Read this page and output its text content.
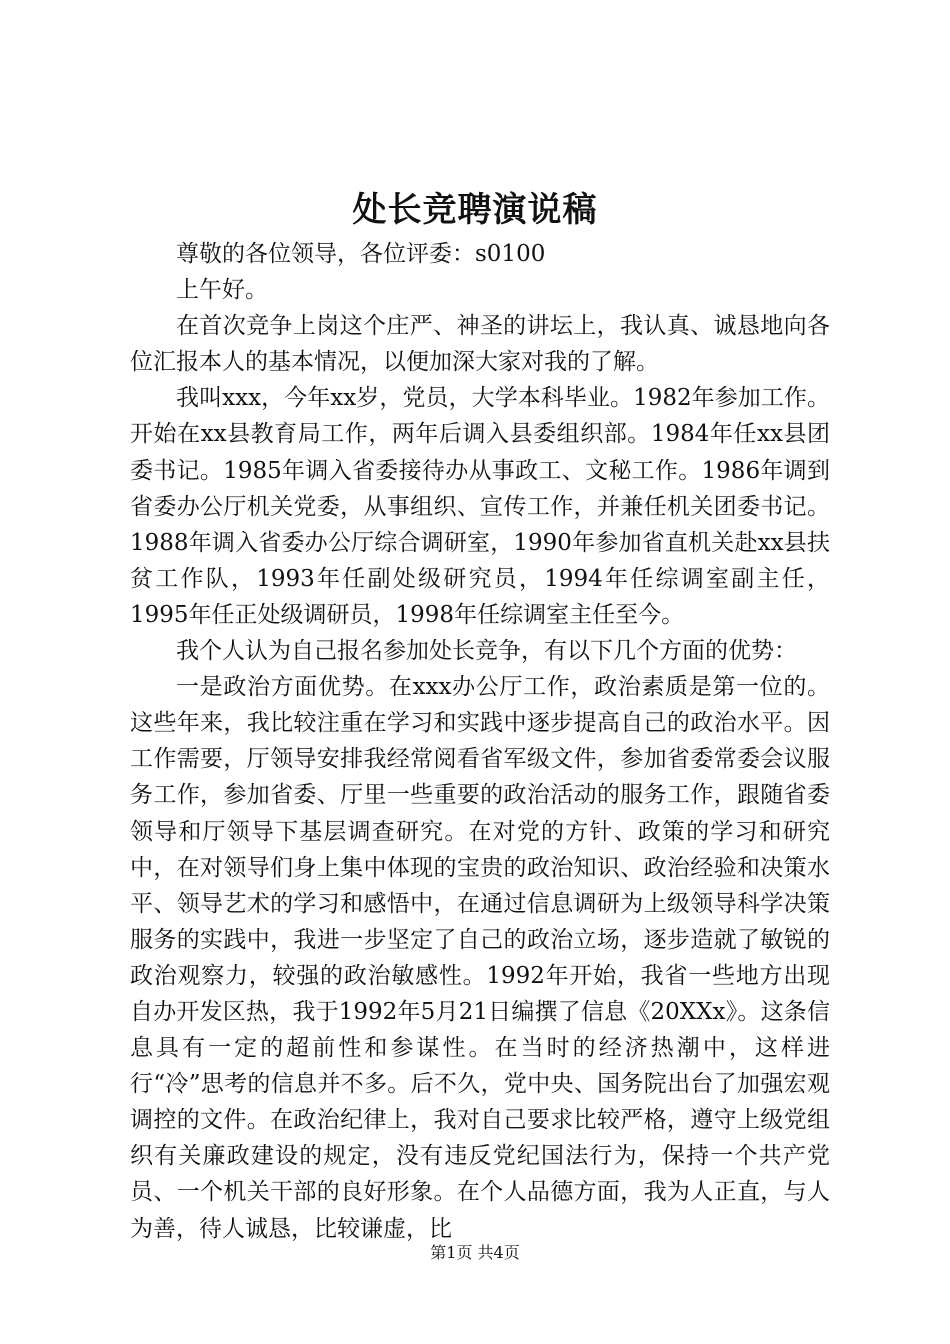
处长竞聘演说稿

尊敬的各位领导，各位评委：s0100

上午好。

在首次竞争上岗这个庄严、神圣的讲坛上，我认真、诚恳地向各位汇报本人的基本情况，以便加深大家对我的了解。

我叫xxx，今年xx岁，党员，大学本科毕业。1982年参加工作。开始在xx县教育局工作，两年后调入县委组织部。1984年任xx县团委书记。1985年调入省委接待办从事政工、文秘工作。1986年调到省委办公厅机关党委，从事组织、宣传工作，并兼任机关团委书记。1988年调入省委办公厅综合调研室，1990年参加省直机关赴xx县扶贫工作队，1993年任副处级研究员，1994年任综调室副主任，1995年任正处级调研员，1998年任综调室主任至今。

我个人认为自己报名参加处长竞争，有以下几个方面的优势：

一是政治方面优势。在xxx办公厅工作，政治素质是第一位的。这些年来，我比较注重在学习和实践中逐步提高自己的政治水平。因工作需要，厅领导安排我经常阅看省军级文件，参加省委常委会议服务工作，参加省委、厅里一些重要的政治活动的服务工作，跟随省委领导和厅领导下基层调查研究。在对党的方针、政策的学习和研究中，在对领导们身上集中体现的宝贵的政治知识、政治经验和决策水平、领导艺术的学习和感悟中，在通过信息调研为上级领导科学决策服务的实践中，我进一步坚定了自己的政治立场，逐步造就了敏锐的政治观察力，较强的政治敏感性。1992年开始，我省一些地方出现自办开发区热，我于1992年5月21日编撰了信息《20XXx》。这条信息具有一定的超前性和参谋性。在当时的经济热潮中，这样进行“冷”思考的信息并不多。后不久，党中央、国务院出台了加强宏观调控的文件。在政治纪律上，我对自己要求比较严格，遵守上级党组织有关廉政建设的规定，没有违反党纪国法行为，保持一个共产党员、一个机关干部的良好形象。在个人品德方面，我为人正直，与人为善，待人诚恳，比较谦虚，比

第1页 共4页
